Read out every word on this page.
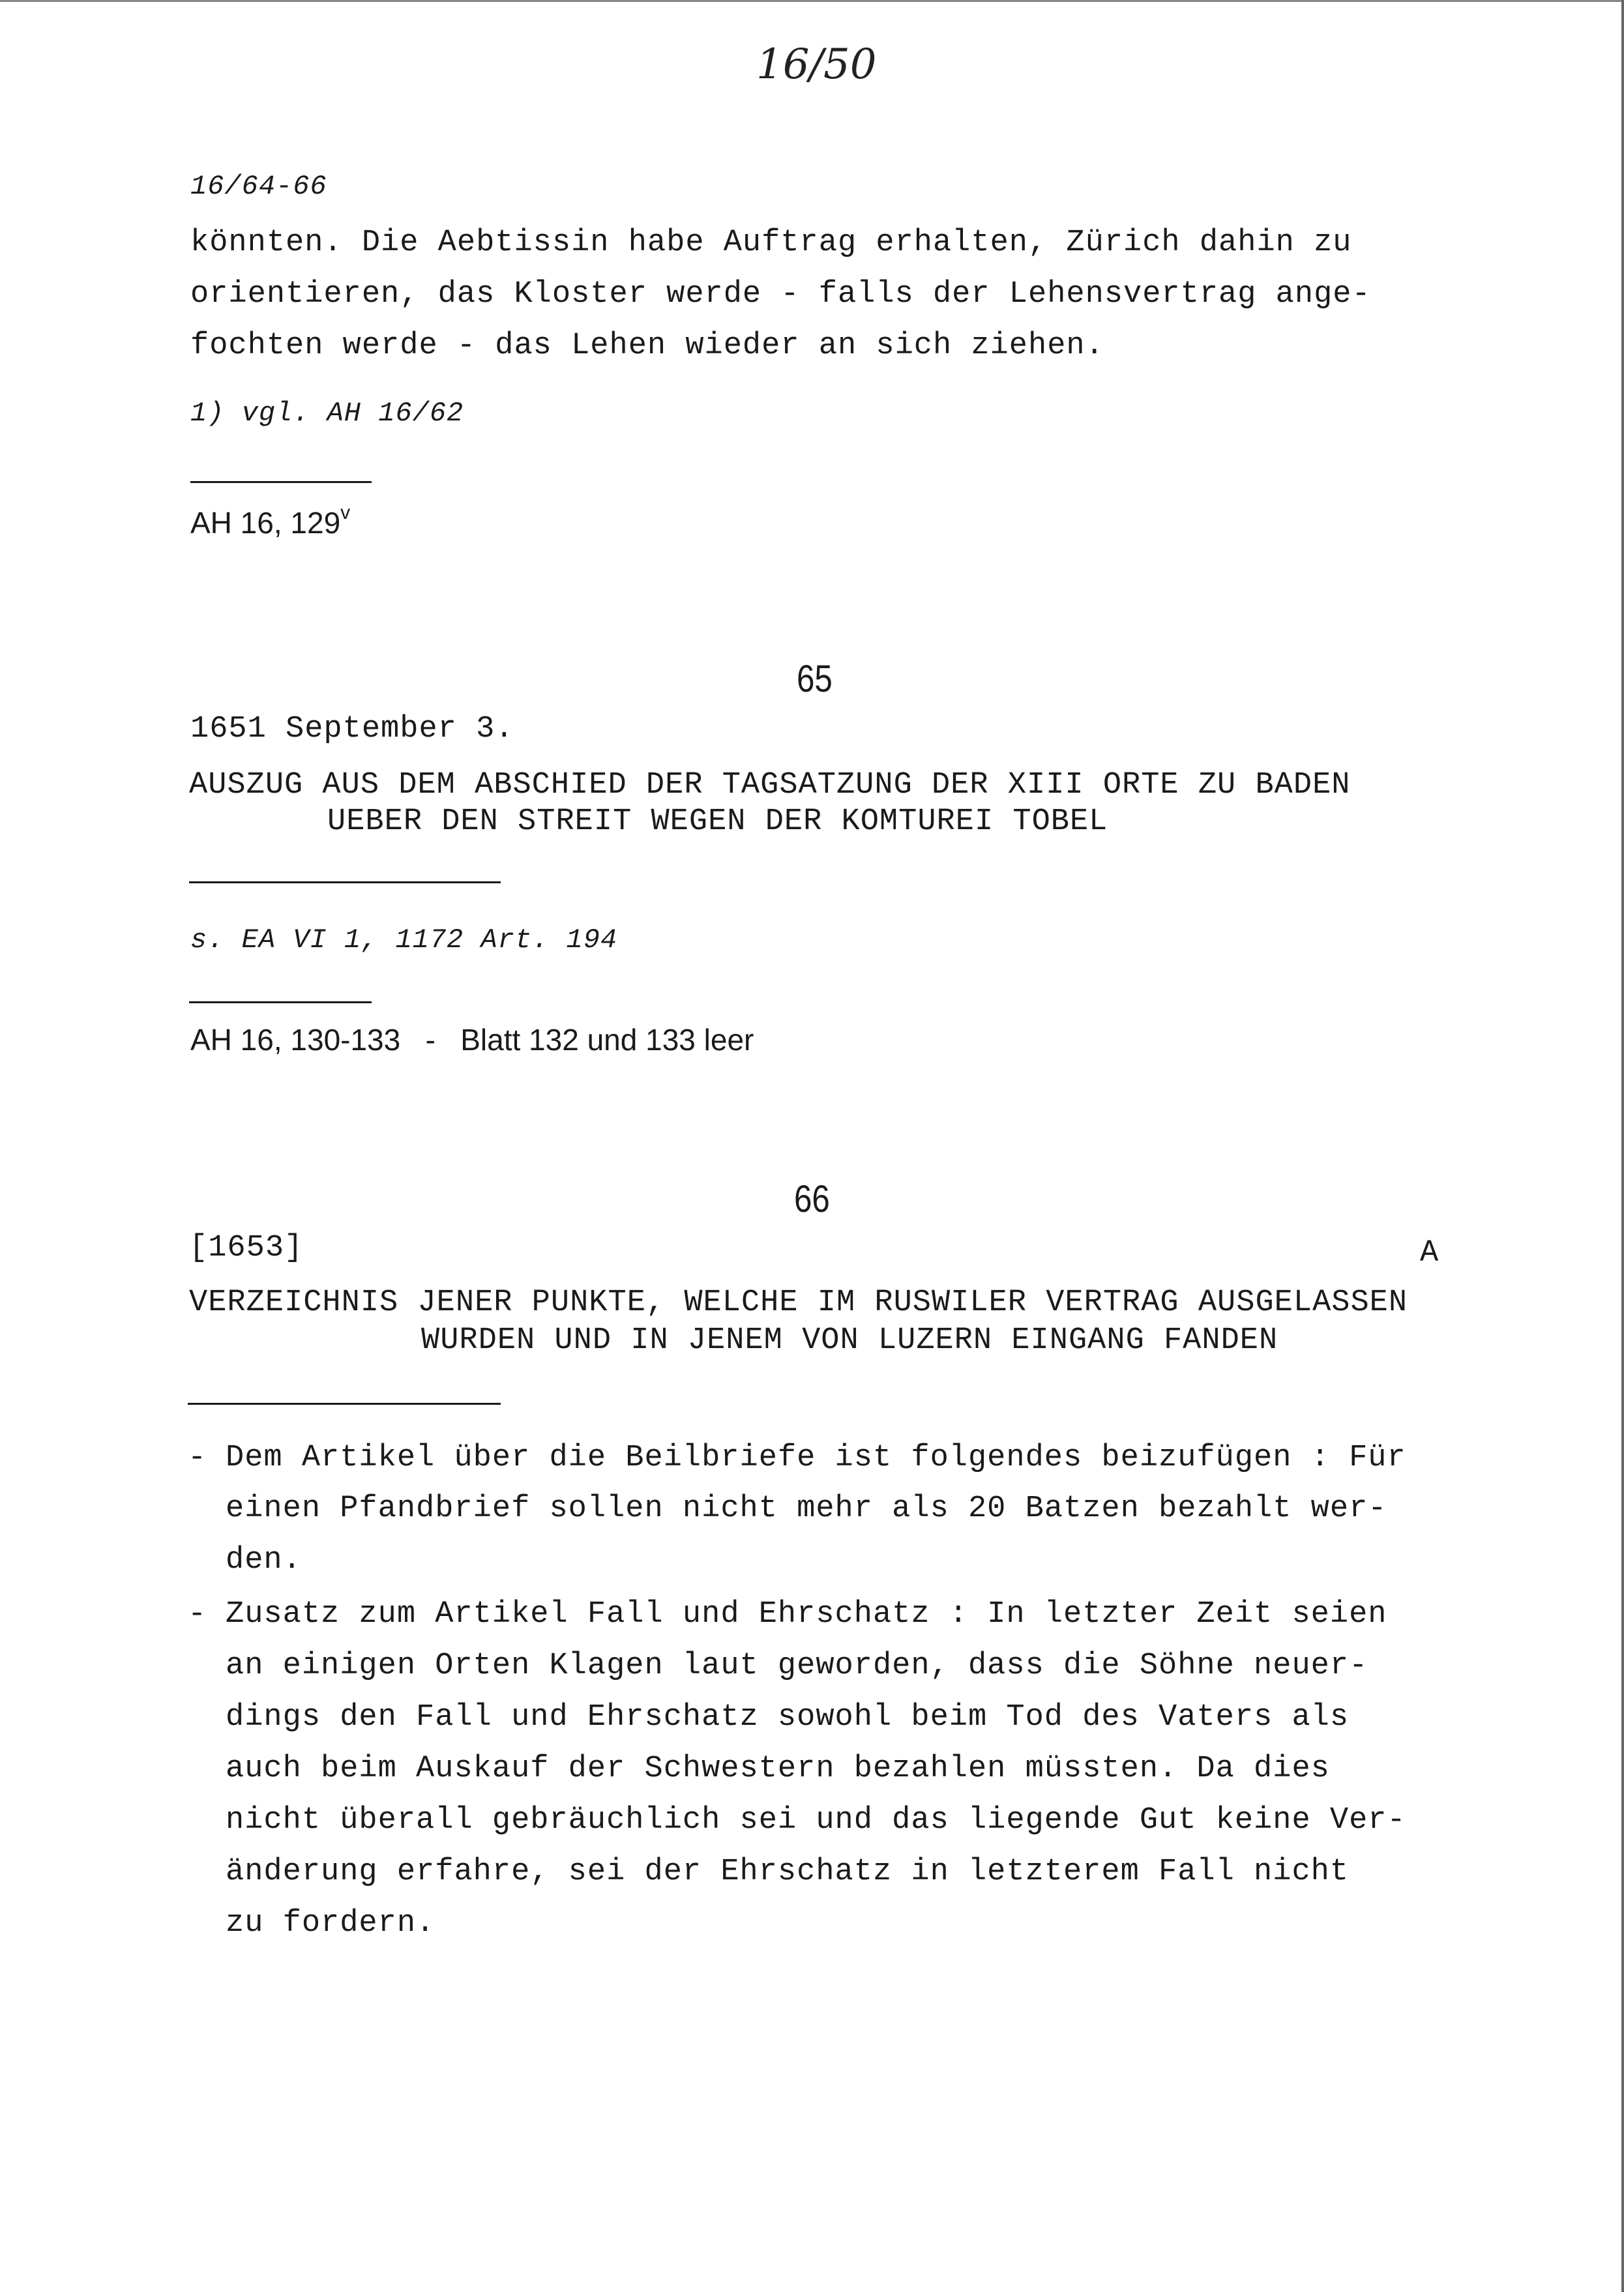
16/50
16/64-66
könnten. Die Aebtissin habe Auftrag erhalten, Zürich dahin zu
orientieren, das Kloster werde - falls der Lehensvertrag ange-
fochten werde - das Lehen wieder an sich ziehen.
1) vgl. AH 16/62
AH 16, 129$^v$
65
1651 September 3.
AUSZUG AUS DEM ABSCHIED DER TAGSATZUNG DER XIII ORTE ZU BADEN
UEBER DEN STREIT WEGEN DER KOMTUREI TOBEL
s. EA VI 1, 1172 Art. 194
AH 16, 130-133   -   Blatt 132 und 133 leer
66
[1653]	A
VERZEICHNIS JENER PUNKTE, WELCHE IM RUSWILER VERTRAG AUSGELASSEN
WURDEN UND IN JENEM VON LUZERN EINGANG FANDEN
- Dem Artikel über die Beilbriefe ist folgendes beizufügen : Für
einen Pfandbrief sollen nicht mehr als 20 Batzen bezahlt wer-
den.
- Zusatz zum Artikel Fall und Ehrschatz : In letzter Zeit seien
an einigen Orten Klagen laut geworden, dass die Söhne neuer-
dings den Fall und Ehrschatz sowohl beim Tod des Vaters als
auch beim Auskauf der Schwestern bezahlen müssten. Da dies
nicht überall gebräuchlich sei und das liegende Gut keine Ver-
änderung erfahre, sei der Ehrschatz in letzterem Fall nicht
zu fordern.
